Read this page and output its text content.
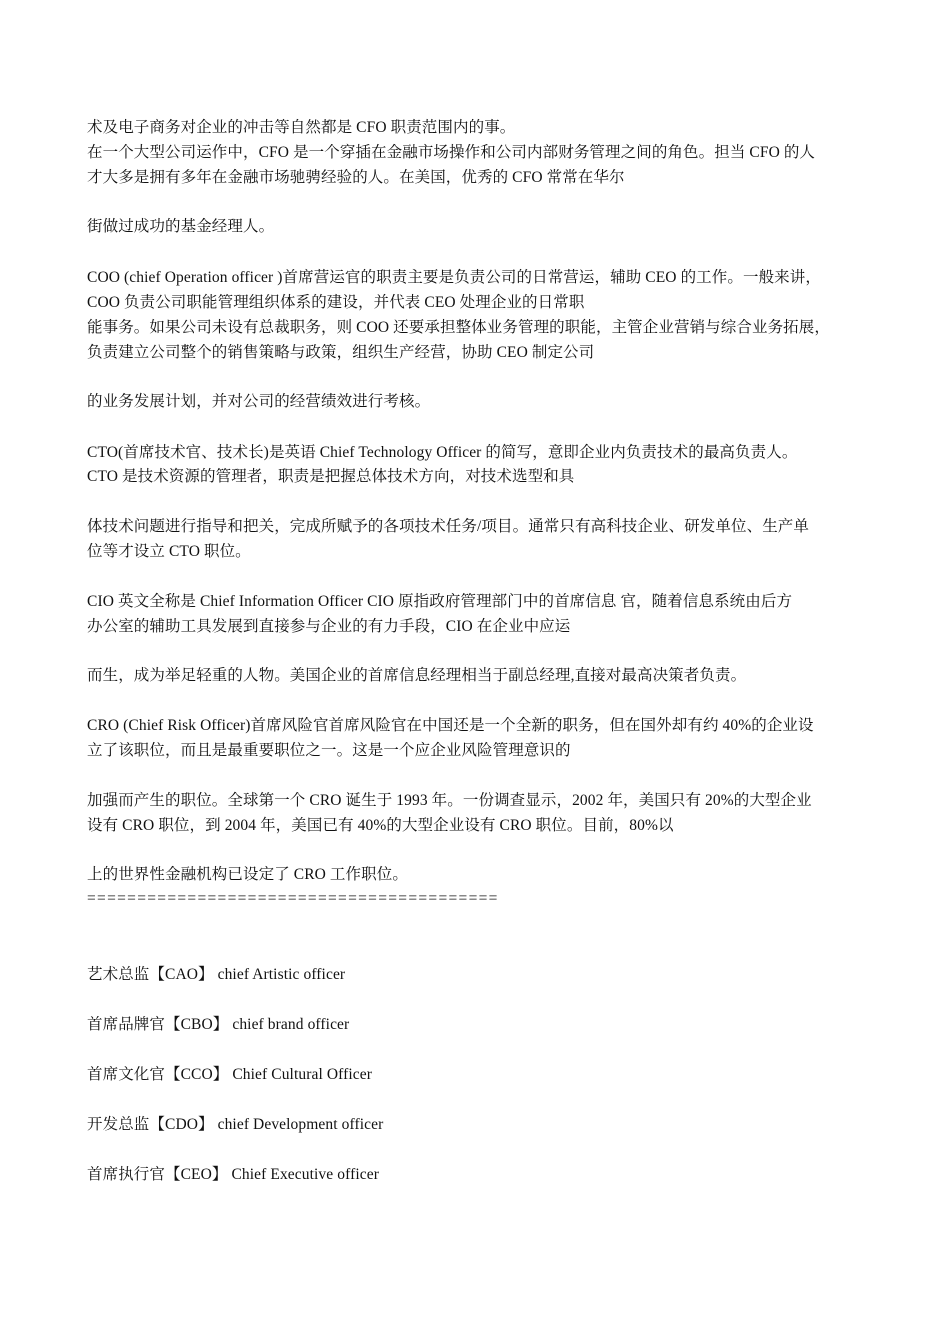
术及电子商务对企业的冲击等自然都是 CFO 职责范围内的事。
在一个大型公司运作中，CFO 是一个穿插在金融市场操作和公司内部财务管理之间的角色。担当 CFO 的人
才大多是拥有多年在金融市场驰骋经验的人。在美国，优秀的 CFO 常常在华尔
街做过成功的基金经理人。
COO (chief Operation officer )首席营运官的职责主要是负责公司的日常营运，辅助 CEO 的工作。一般来讲，
COO 负责公司职能管理组织体系的建设，并代表 CEO 处理企业的日常职
能事务。如果公司未设有总裁职务，则 COO 还要承担整体业务管理的职能，主管企业营销与综合业务拓展，
负责建立公司整个的销售策略与政策，组织生产经营，协助 CEO 制定公司
的业务发展计划，并对公司的经营绩效进行考核。
CTO(首席技术官、技术长)是英语 Chief Technology Officer 的简写，意即企业内负责技术的最高负责人。
CTO 是技术资源的管理者，职责是把握总体技术方向，对技术选型和具
体技术问题进行指导和把关，完成所赋予的各项技术任务/项目。通常只有高科技企业、研发单位、生产单
位等才设立 CTO 职位。
CIO 英文全称是 Chief Information Officer CIO 原指政府管理部门中的首席信息 官，随着信息系统由后方
办公室的辅助工具发展到直接参与企业的有力手段，CIO 在企业中应运
而生，成为举足轻重的人物。美国企业的首席信息经理相当于副总经理,直接对最高决策者负责。
CRO (Chief Risk Officer)首席风险官首席风险官在中国还是一个全新的职务，但在国外却有约 40%的企业设
立了该职位，而且是最重要职位之一。这是一个应企业风险管理意识的
加强而产生的职位。全球第一个 CRO 诞生于 1993 年。一份调查显示，2002 年，美国只有 20%的大型企业
设有 CRO 职位，到 2004 年，美国已有 40%的大型企业设有 CRO 职位。目前，80%以
上的世界性金融机构已设定了 CRO 工作职位。
=========================================
艺术总监【CAO】 chief Artistic officer
首席品牌官【CBO】 chief brand officer
首席文化官【CCO】 Chief Cultural Officer
开发总监【CDO】 chief Development officer
首席执行官【CEO】 Chief Executive officer
